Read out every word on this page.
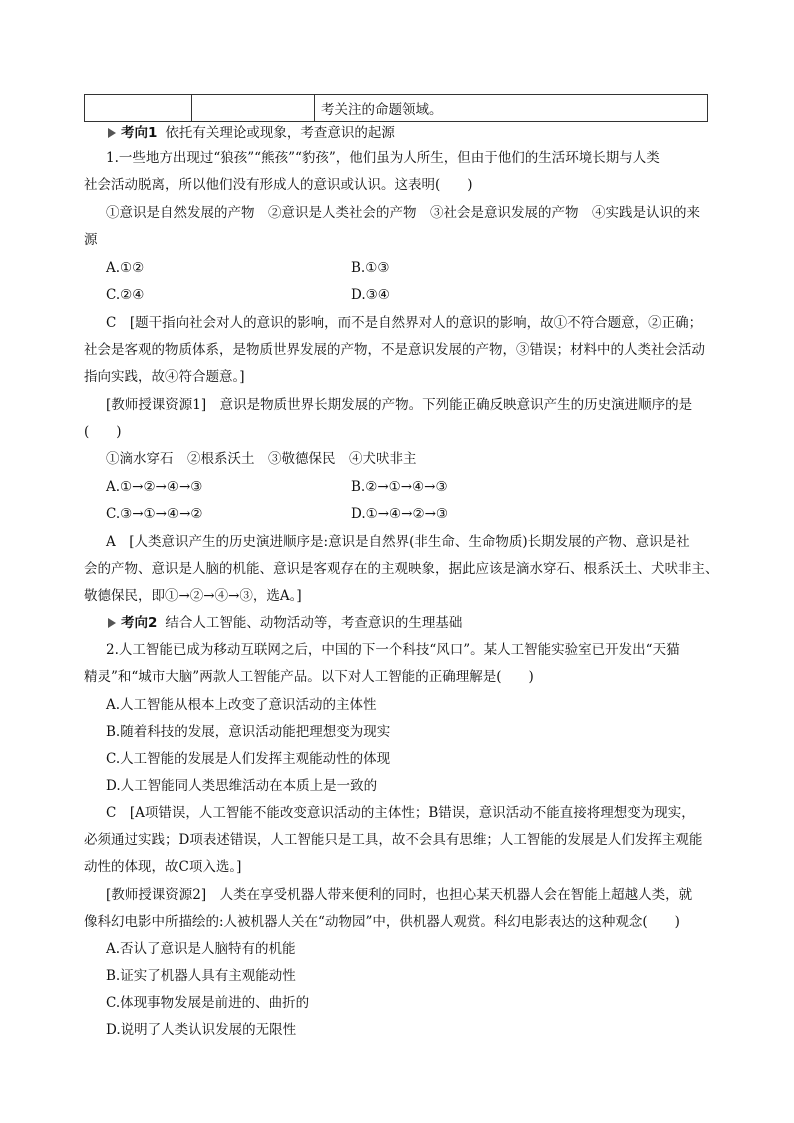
		考关注的命题领域。
考向1 依托有关理论或现象，考查意识的起源
1.一些地方出现过“狼孩”“熊孩”“豹孩”，他们虽为人所生，但由于他们的生活环境长期与人类
社会活动脱离，所以他们没有形成人的意识或认识。这表明(　　)
①意识是自然发展的产物　②意识是人类社会的产物　③社会是意识发展的产物　④实践是认识的来
源
A.①②	B.①③
C.②④	D.③④
C　[题干指向社会对人的意识的影响，而不是自然界对人的意识的影响，故①不符合题意，②正确；
社会是客观的物质体系，是物质世界发展的产物，不是意识发展的产物，③错误；材料中的人类社会活动
指向实践，故④符合题意。]
[教师授课资源1]　意识是物质世界长期发展的产物。下列能正确反映意识产生的历史演进顺序的是
(　　)
①滴水穿石　②根系沃土　③敬德保民　④犬吠非主
A.①→②→④→③	B.②→①→④→③
C.③→①→④→②	D.①→④→②→③
A　[人类意识产生的历史演进顺序是:意识是自然界(非生命、生命物质)长期发展的产物、意识是社
会的产物、意识是人脑的机能、意识是客观存在的主观映象，据此应该是滴水穿石、根系沃土、犬吠非主、
敬德保民，即①→②→④→③，选A。]
考向2 结合人工智能、动物活动等，考查意识的生理基础
2.人工智能已成为移动互联网之后，中国的下一个科技“风口”。某人工智能实验室已开发出“天猫
精灵”和“城市大脑”两款人工智能产品。以下对人工智能的正确理解是(　　)
A.人工智能从根本上改变了意识活动的主体性
B.随着科技的发展，意识活动能把理想变为现实
C.人工智能的发展是人们发挥主观能动性的体现
D.人工智能同人类思维活动在本质上是一致的
C　[A项错误，人工智能不能改变意识活动的主体性；B错误，意识活动不能直接将理想变为现实，
必须通过实践；D项表述错误，人工智能只是工具，故不会具有思维；人工智能的发展是人们发挥主观能
动性的体现，故C项入选。]
[教师授课资源2]　人类在享受机器人带来便利的同时，也担心某天机器人会在智能上超越人类，就
像科幻电影中所描绘的:人被机器人关在“动物园”中，供机器人观赏。科幻电影表达的这种观念(　　)
A.否认了意识是人脑特有的机能
B.证实了机器人具有主观能动性
C.体现事物发展是前进的、曲折的
D.说明了人类认识发展的无限性
